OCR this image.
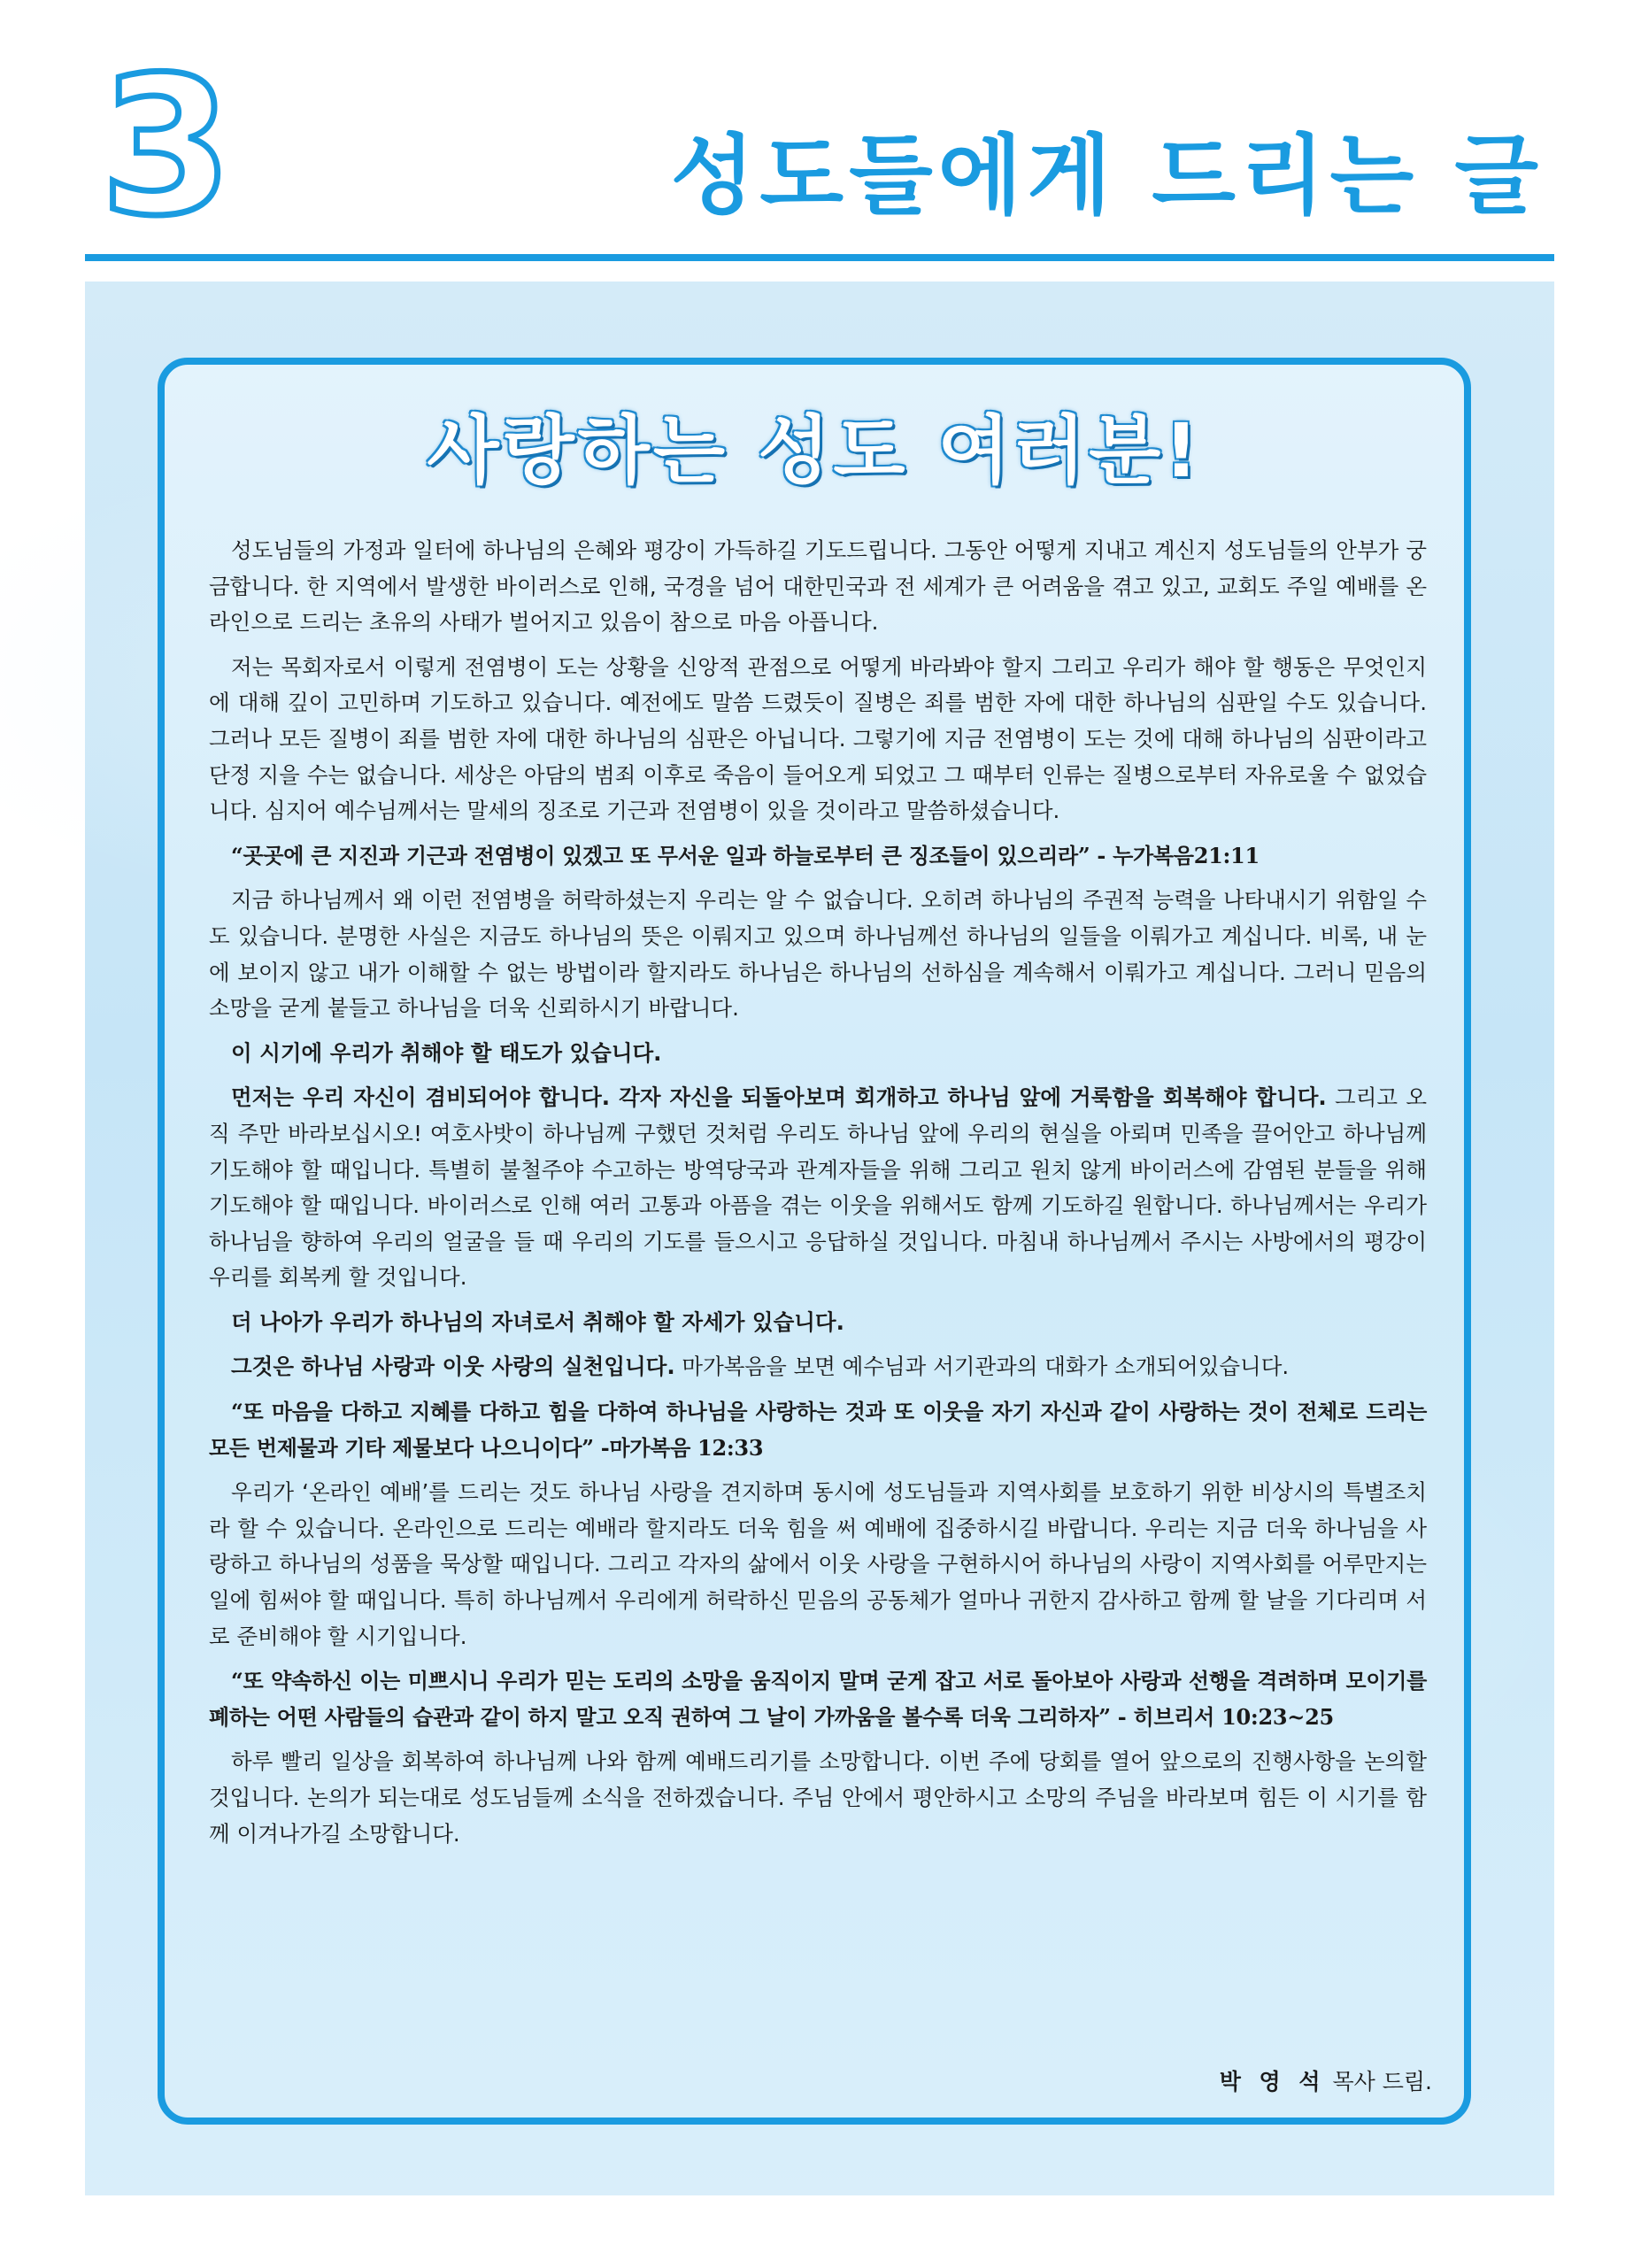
3	성도들에게 드리는 글
사랑하는 성도 여러분!

성도님들의 가정과 일터에 하나님의 은혜와 평강이 가득하길 기도드립니다. 그동안 어떻게 지내고 계신지 성도님들의 안부가 궁금합니다. 한 지역에서 발생한 바이러스로 인해, 국경을 넘어 대한민국과 전 세계가 큰 어려움을 겪고 있고, 교회도 주일 예배를 온라인으로 드리는 초유의 사태가 벌어지고 있음이 참으로 마음 아픕니다.

저는 목회자로서 이렇게 전염병이 도는 상황을 신앙적 관점으로 어떻게 바라봐야 할지 그리고 우리가 해야 할 행동은 무엇인지에 대해 깊이 고민하며 기도하고 있습니다. 예전에도 말씀 드렸듯이 질병은 죄를 범한 자에 대한 하나님의 심판일 수도 있습니다. 그러나 모든 질병이 죄를 범한 자에 대한 하나님의 심판은 아닙니다. 그렇기에 지금 전염병이 도는 것에 대해 하나님의 심판이라고 단정 지을 수는 없습니다. 세상은 아담의 범죄 이후로 죽음이 들어오게 되었고 그 때부터 인류는 질병으로부터 자유로울 수 없었습니다. 심지어 예수님께서는 말세의 징조로 기근과 전염병이 있을 것이라고 말씀하셨습니다.

“곳곳에 큰 지진과 기근과 전염병이 있겠고 또 무서운 일과 하늘로부터 큰 징조들이 있으리라” - 누가복음21:11

지금 하나님께서 왜 이런 전염병을 허락하셨는지 우리는 알 수 없습니다. 오히려 하나님의 주권적 능력을 나타내시기 위함일 수도 있습니다. 분명한 사실은 지금도 하나님의 뜻은 이뤄지고 있으며 하나님께선 하나님의 일들을 이뤄가고 계십니다. 비록, 내 눈에 보이지 않고 내가 이해할 수 없는 방법이라 할지라도 하나님은 하나님의 선하심을 계속해서 이뤄가고 계십니다. 그러니 믿음의 소망을 굳게 붙들고 하나님을 더욱 신뢰하시기 바랍니다.

이 시기에 우리가 취해야 할 태도가 있습니다.

먼저는 우리 자신이 겸비되어야 합니다. 각자 자신을 되돌아보며 회개하고 하나님 앞에 거룩함을 회복해야 합니다. 그리고 오직 주만 바라보십시오! 여호사밧이 하나님께 구했던 것처럼 우리도 하나님 앞에 우리의 현실을 아뢰며 민족을 끌어안고 하나님께 기도해야 할 때입니다. 특별히 불철주야 수고하는 방역당국과 관계자들을 위해 그리고 원치 않게 바이러스에 감염된 분들을 위해 기도해야 할 때입니다. 바이러스로 인해 여러 고통과 아픔을 겪는 이웃을 위해서도 함께 기도하길 원합니다. 하나님께서는 우리가 하나님을 향하여 우리의 얼굴을 들 때 우리의 기도를 들으시고 응답하실 것입니다. 마침내 하나님께서 주시는 사방에서의 평강이 우리를 회복케 할 것입니다.

더 나아가 우리가 하나님의 자녀로서 취해야 할 자세가 있습니다.

그것은 하나님 사랑과 이웃 사랑의 실천입니다. 마가복음을 보면 예수님과 서기관과의 대화가 소개되어있습니다.

“또 마음을 다하고 지혜를 다하고 힘을 다하여 하나님을 사랑하는 것과 또 이웃을 자기 자신과 같이 사랑하는 것이 전체로 드리는 모든 번제물과 기타 제물보다 나으니이다” -마가복음 12:33

우리가 ‘온라인 예배’를 드리는 것도 하나님 사랑을 견지하며 동시에 성도님들과 지역사회를 보호하기 위한 비상시의 특별조치라 할 수 있습니다. 온라인으로 드리는 예배라 할지라도 더욱 힘을 써 예배에 집중하시길 바랍니다. 우리는 지금 더욱 하나님을 사랑하고 하나님의 성품을 묵상할 때입니다. 그리고 각자의 삶에서 이웃 사랑을 구현하시어 하나님의 사랑이 지역사회를 어루만지는 일에 힘써야 할 때입니다. 특히 하나님께서 우리에게 허락하신 믿음의 공동체가 얼마나 귀한지 감사하고 함께 할 날을 기다리며 서로 준비해야 할 시기입니다.

“또 약속하신 이는 미쁘시니 우리가 믿는 도리의 소망을 움직이지 말며 굳게 잡고 서로 돌아보아 사랑과 선행을 격려하며 모이기를 폐하는 어떤 사람들의 습관과 같이 하지 말고 오직 권하여 그 날이 가까움을 볼수록 더욱 그리하자” - 히브리서 10:23~25

하루 빨리 일상을 회복하여 하나님께 나와 함께 예배드리기를 소망합니다. 이번 주에 당회를 열어 앞으로의 진행사항을 논의할 것입니다. 논의가 되는대로 성도님들께 소식을 전하겠습니다. 주님 안에서 평안하시고 소망의 주님을 바라보며 힘든 이 시기를 함께 이겨나가길 소망합니다.

박 영 석 목사 드림.
